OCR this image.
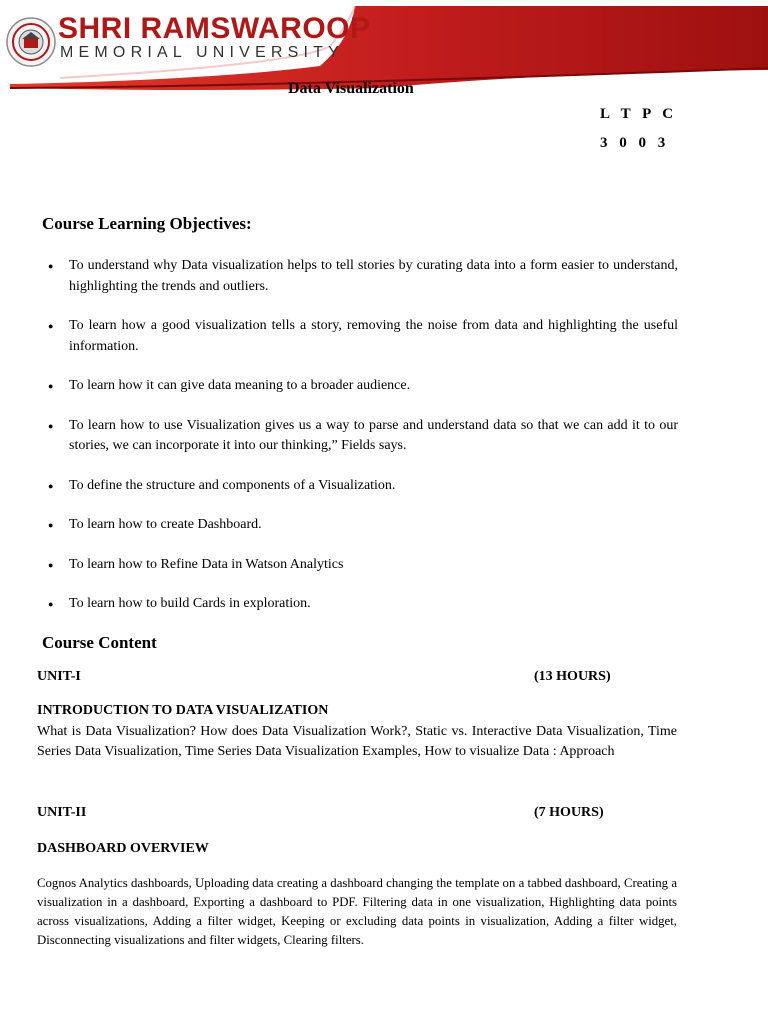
SHRI RAMSWAROOP
MEMORIAL UNIVERSITY
Data Visualization
L T P C
3 0 0 3
Course Learning Objectives:
● To understand why Data visualization helps to tell stories by curating data into a form easier to understand, highlighting the trends and outliers.
● To learn how a good visualization tells a story, removing the noise from data and highlighting the useful information.
● To learn how it can give data meaning to a broader audience.
● To learn how to use Visualization gives us a way to parse and understand data so that we can add it to our stories, we can incorporate it into our thinking,” Fields says.
● To define the structure and components of a Visualization.
● To learn how to create Dashboard.
● To learn how to Refine Data in Watson Analytics
● To learn how to build Cards in exploration.
Course Content
UNIT-I	(13 HOURS)
INTRODUCTION TO DATA VISUALIZATION
What is Data Visualization? How does Data Visualization Work?, Static vs. Interactive Data Visualization, Time Series Data Visualization, Time Series Data Visualization Examples, How to visualize Data : Approach
UNIT-II	(7 HOURS)
DASHBOARD OVERVIEW
Cognos Analytics dashboards, Uploading data creating a dashboard changing the template on a tabbed dashboard, Creating a visualization in a dashboard, Exporting a dashboard to PDF. Filtering data in one visualization, Highlighting data points across visualizations, Adding a filter widget, Keeping or excluding data points in visualization, Adding a filter widget, Disconnecting visualizations and filter widgets, Clearing filters.
